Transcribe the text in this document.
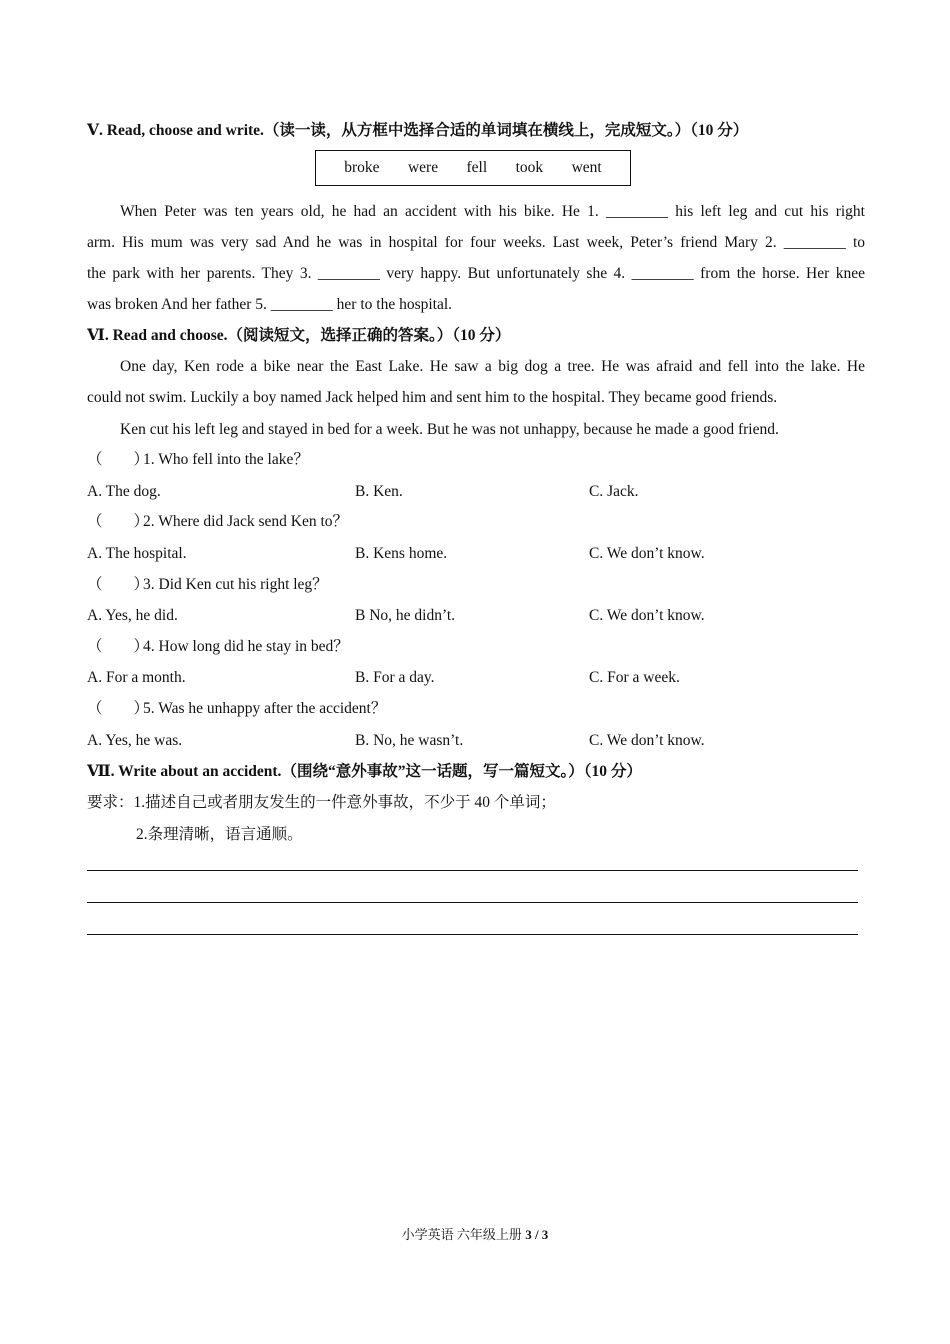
Ⅴ. Read, choose and write.（读一读，从方框中选择合适的单词填在横线上，完成短文。）（10 分）
broke were fell took went
When Peter was ten years old, he had an accident with his bike. He 1. ________ his left leg and cut his right
arm. His mum was very sad And he was in hospital for four weeks. Last week, Peter’s friend Mary 2. ________ to
the park with her parents. They 3. ________ very happy. But unfortunately she 4. ________ from the horse. Her knee
was broken And her father 5. ________ her to the hospital.
Ⅵ. Read and choose.（阅读短文，选择正确的答案。）（10 分）
One day, Ken rode a bike near the East Lake. He saw a big dog a tree. He was afraid and fell into the lake. He
could not swim. Luckily a boy named Jack helped him and sent him to the hospital. They became good friends.
Ken cut his left leg and stayed in bed for a week. But he was not unhappy, because he made a good friend.
（　　）1. Who fell into the lake？
A. The dog.	B. Ken.	C. Jack.
（　　）2. Where did Jack send Ken to？
A. The hospital.	B. Kens home.	C. We don’t know.
（　　）3. Did Ken cut his right leg？
A. Yes, he did.	B No, he didn’t.	C. We don’t know.
（　　）4. How long did he stay in bed？
A. For a month.	B. For a day.	C. For a week.
（　　）5. Was he unhappy after the accident？
A. Yes, he was.	B. No, he wasn’t.	C. We don’t know.
Ⅶ. Write about an accident.（围绕“意外事故”这一话题，写一篇短文。）（10 分）
要求：1.描述自己或者朋友发生的一件意外事故，不少于 40 个单词；
2.条理清晰，语言通顺。
小学英语 六年级上册 3 / 3
